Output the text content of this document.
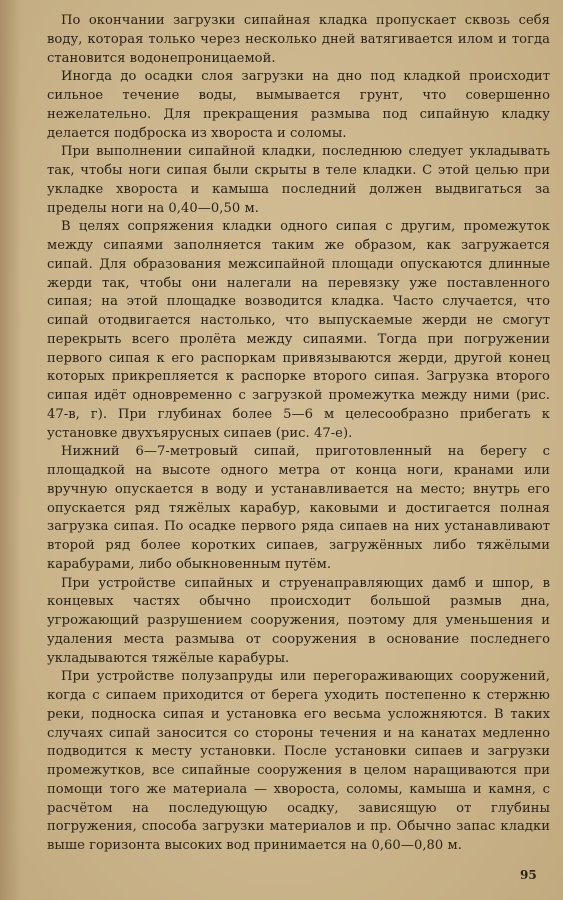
По окончании загрузки сипайная кладка пропускает сквозь себя воду, которая только через несколько дней ватягивается илом и тогда становится водонепроницаемой.

Иногда до осадки слоя загрузки на дно под кладкой происходит сильное течение воды, вымывается грунт, что совершенно нежелательно. Для прекращения размыва под сипайную кладку делается подброска из хвороста и соломы.

При выполнении сипайной кладки, последнюю следует укладывать так, чтобы ноги сипая были скрыты в теле кладки. С этой целью при укладке хвороста и камыша последний должен выдвигаться за пределы ноги на 0,40—0,50 м.

В целях сопряжения кладки одного сипая с другим, промежуток между сипаями заполняется таким же образом, как загружается сипай. Для образования межсипайной площади опускаются длинные жерди так, чтобы они налегали на перевязку уже поставленного сипая; на этой площадке возводится кладка. Часто случается, что сипай отодвигается настолько, что выпускаемые жерди не смогут перекрыть всего пролёта между сипаями. Тогда при погружении первого сипая к его распоркам привязываются жерди, другой конец которых прикрепляется к распорке второго сипая. Загрузка второго сипая идёт одновременно с загрузкой промежутка между ними (рис. 47-в, г). При глубинах более 5—6 м целесообразно прибегать к установке двухъярусных сипаев (рис. 47-е).

Нижний 6—7-метровый сипай, приготовленный на берегу с площадкой на высоте одного метра от конца ноги, кранами или вручную опускается в воду и устанавливается на место; внутрь его опускается ряд тяжёлых карабур, каковыми и достигается полная загрузка сипая. По осадке первого ряда сипаев на них устанавливают второй ряд более коротких сипаев, загружённых либо тяжёлыми карабурами, либо обыкновенным путём.

При устройстве сипайных и струенаправляющих дамб и шпор, в концевых частях обычно происходит большой размыв дна, угрожающий разрушением сооружения, поэтому для уменьшения и удаления места размыва от сооружения в основание последнего укладываются тяжёлые карабуры.

При устройстве полузапруды или перегораживающих сооружений, когда с сипаем приходится от берега уходить постепенно к стержню реки, подноска сипая и установка его весьма усложняются. В таких случаях сипай заносится со стороны течения и на канатах медленно подводится к месту установки. После установки сипаев и загрузки промежутков, все сипайные сооружения в целом наращиваются при помощи того же материала — хвороста, соломы, камыша и камня, с расчётом на последующую осадку, зависящую от глубины погружения, способа загрузки материалов и пр. Обычно запас кладки выше горизонта высоких вод принимается на 0,60—0,80 м.

95
